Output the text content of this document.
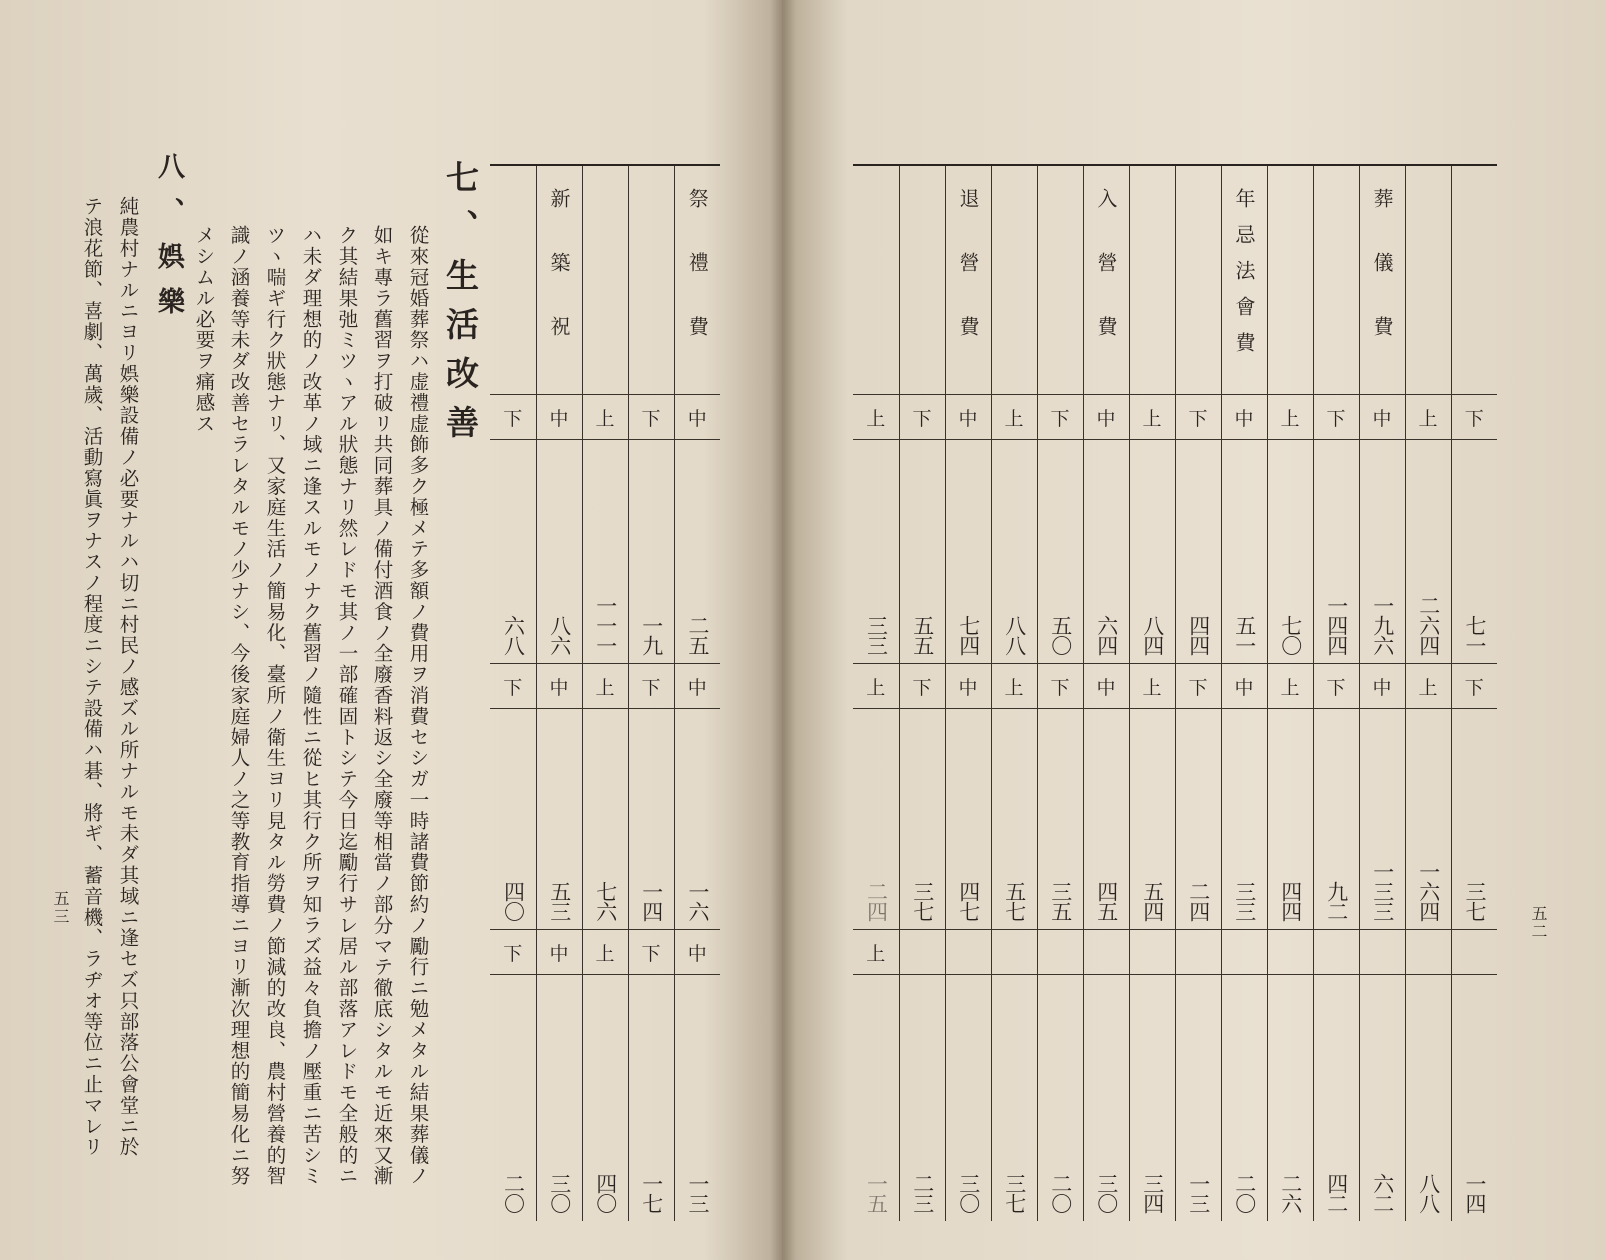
七、生活改善
從來冠婚葬祭ハ虚禮虚飾多ク極メテ多額ノ費用ヲ消費セシガ一時諸費節約ノ勵行ニ勉メタル結果葬儀ノ
如キ專ラ舊習ヲ打破リ共同葬具ノ備付酒食ノ全廢香料返シ全廢等相當ノ部分マテ徹底シタルモ近來又漸
ク其結果弛ミツヽアル狀態ナリ然レドモ其ノ一部確固トシテ今日迄勵行サレ居ル部落アレドモ全般的ニ
ハ未ダ理想的ノ改革ノ域ニ逢スルモノナク舊習ノ隨性ニ從ヒ其行ク所ヲ知ラズ益々負擔ノ壓重ニ苦シミ
ツヽ喘ギ行ク狀態ナリ、又家庭生活ノ簡易化、臺所ノ衛生ヨリ見タル勞費ノ節減的改良、農村營養的智
識ノ涵養等未ダ改善セラレタルモノ少ナシ、今後家庭婦人ノ之等教育指導ニヨリ漸次理想的簡易化ニ努
メシムル必要ヲ痛感ス
八、娯樂
純農村ナルニヨリ娯樂設備ノ必要ナルハ切ニ村民ノ感ズル所ナルモ未ダ其域ニ逢セズ只部落公會堂ニ於
テ浪花節、喜劇、萬歲、活動寫眞ヲナスノ程度ニシテ設備ハ碁、將ギ、蓄音機、ラヂオ等位ニ止マレリ
五三

	新築祝			祭禮費

下	中	上	下	中

六八	八六	一一一	一九	二五

下	中	上	下	中

四〇	五三	七六	一四	一六

下	中	上	下	中

二〇	三〇	四〇	一七	一三

		退營費			入營費			年忌法會費			葬儀費		

上	下	中	上	下	中	上	下	中	上	下	中	上	下

三三	五五	七四	八八	五〇	六四	八四	四四	五一	七〇	一四四	一九六	二六四	七一

上	下	中	上	下	中	上	下	中	上	下	中	上	下

二四	三七	四七	五七	三五	四五	五四	二四	三三	四四	九二	一三三	一六四	三七

上													

一五	二三	三〇	三七	二〇	三〇	三四	一三	二〇	二六	四二	六二	八八	一四
五二
